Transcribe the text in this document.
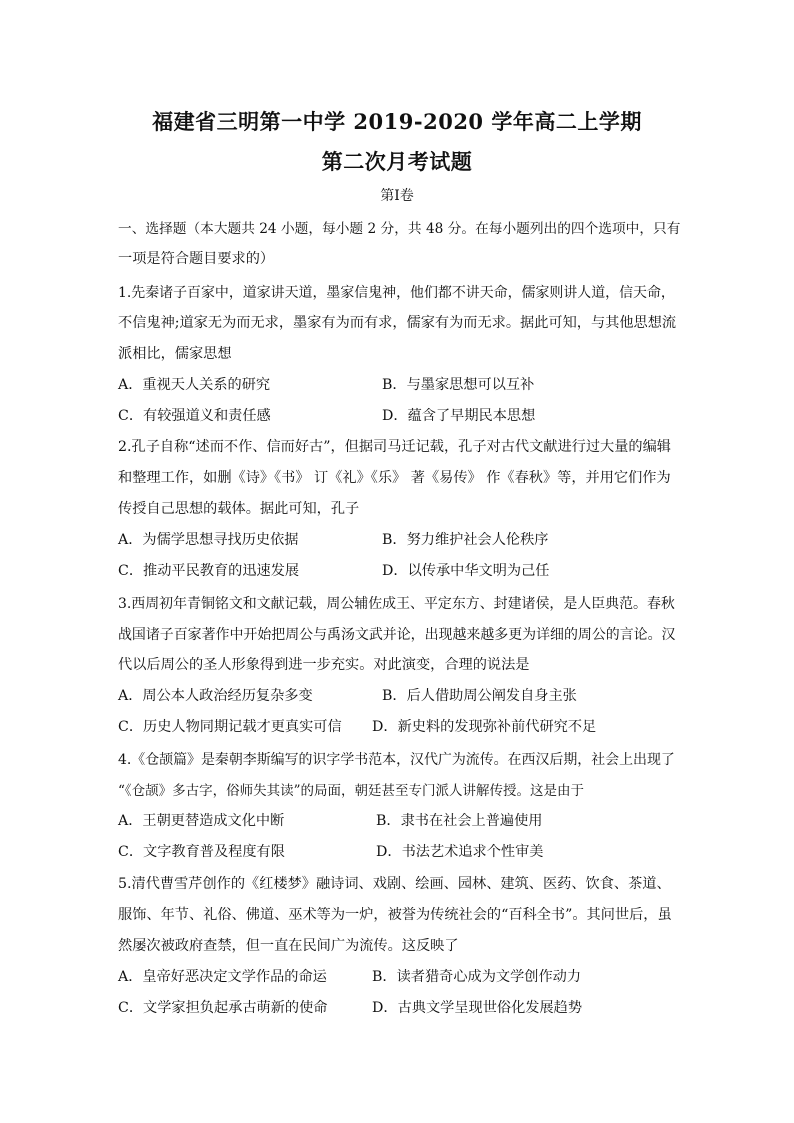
福建省三明第一中学 2019-2020 学年高二上学期
第二次月考试题
第I卷
一、选择题（本大题共 24 小题，每小题 2 分，共 48 分。在每小题列出的四个选项中，只有
一项是符合题目要求的）
1.先秦诸子百家中，道家讲天道，墨家信鬼神，他们都不讲天命，儒家则讲人道，信天命，
不信鬼神;道家无为而无求，墨家有为而有求，儒家有为而无求。据此可知，与其他思想流
派相比，儒家思想
A．重视天人关系的研究	B．与墨家思想可以互补
C．有较强道义和责任感	D．蕴含了早期民本思想
2.孔子自称“述而不作、信而好古”，但据司马迁记载，孔子对古代文献进行过大量的编辑
和整理工作，如删《诗》《书》 订《礼》《乐》 著《易传》 作《春秋》等，并用它们作为
传授自己思想的载体。据此可知，孔子
A．为儒学思想寻找历史依据	B．努力维护社会人伦秩序
C．推动平民教育的迅速发展	D．以传承中华文明为己任
3.西周初年青铜铭文和文献记载，周公辅佐成王、平定东方、封建诸侯，是人臣典范。春秋
战国诸子百家著作中开始把周公与禹汤文武并论，出现越来越多更为详细的周公的言论。汉
代以后周公的圣人形象得到进一步充实。对此演变，合理的说法是
A．周公本人政治经历复杂多变	B．后人借助周公阐发自身主张
C．历史人物同期记载才更真实可信 D．新史料的发现弥补前代研究不足
4.《仓颉篇》是秦朝李斯编写的识字学书范本，汉代广为流传。在西汉后期，社会上出现了
“《仓颉》多古字，俗师失其读”的局面，朝廷甚至专门派人讲解传授。这是由于
A．王朝更替造成文化中断	B．隶书在社会上普遍使用
C．文字教育普及程度有限	D．书法艺术追求个性审美
5.清代曹雪芹创作的《红楼梦》融诗词、戏剧、绘画、园林、建筑、医药、饮食、茶道、
服饰、年节、礼俗、佛道、巫术等为一炉，被誉为传统社会的“百科全书”。其问世后，虽
然屡次被政府查禁，但一直在民间广为流传。这反映了
A．皇帝好恶决定文学作品的命运	B．读者猎奇心成为文学创作动力
C．文学家担负起承古萌新的使命	D．古典文学呈现世俗化发展趋势
